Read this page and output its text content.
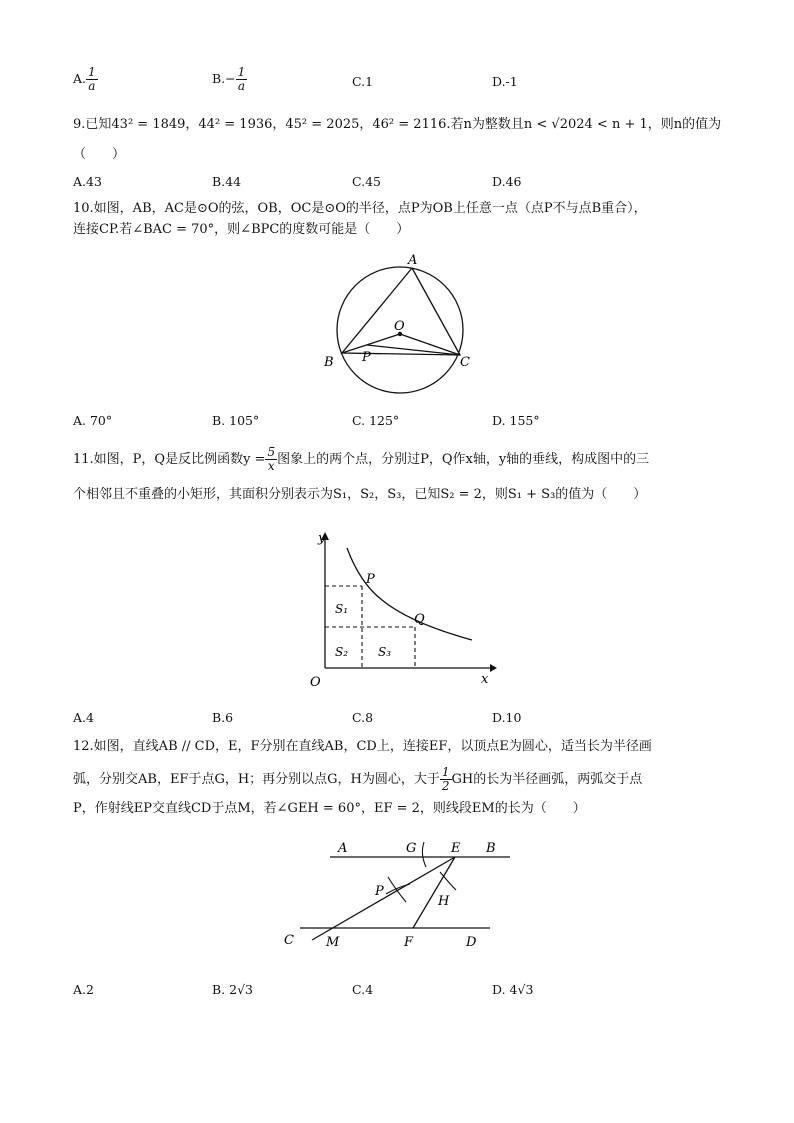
A. $\frac{1}{a}$	$B.- \frac{1}{a}$	C.1	D.-1
9.已知43² = 1849，44² = 1936，45² = 2025，46² = 2116.若n为整数且n < √2024 < n + 1，则n的值为
（　　）
A.43	B.44	C.45	D.46
10.如图，AB，AC是⊙O的弦，OB，OC是⊙O的半径，点P为OB上任意一点（点P不与点B重合），
连接CP.若∠BAC = 70°，则∠BPC的度数可能是（　　）
A
O
B P	C
A. 70°	B. 105°	C. 125°	D. 155°
11.如图，P，Q是反比例函数$y = \frac{5}{x}$ 图象上的两个点，分别过P，Q作x轴，y轴的垂线，构成图中的三
个相邻且不重叠的小矩形，其面积分别表示为S₁，S₂，S₃，已知S₂ = 2，则S₁ + S₃的值为（　　）
y
x
O
P
Q
S₁
S₂ S₃
A.4	B.6	C.8	D.10
12.如图，直线AB // CD，E，F分别在直线AB，CD上，连接EF，以顶点E为圆心，适当长为半径画
弧，分别交AB，EF于点G，H；再分别以点G，H为圆心，大于 $\frac{1}{2}$ GH的长为半径画弧，两弧交于点
P，作射线EP交直线CD于点M，若∠GEH = 60°，EF = 2，则线段EM的长为（　　）
A	G	E B
P
H
C M	F	D
A.2	B. 2√3	C.4	D. 4√3
